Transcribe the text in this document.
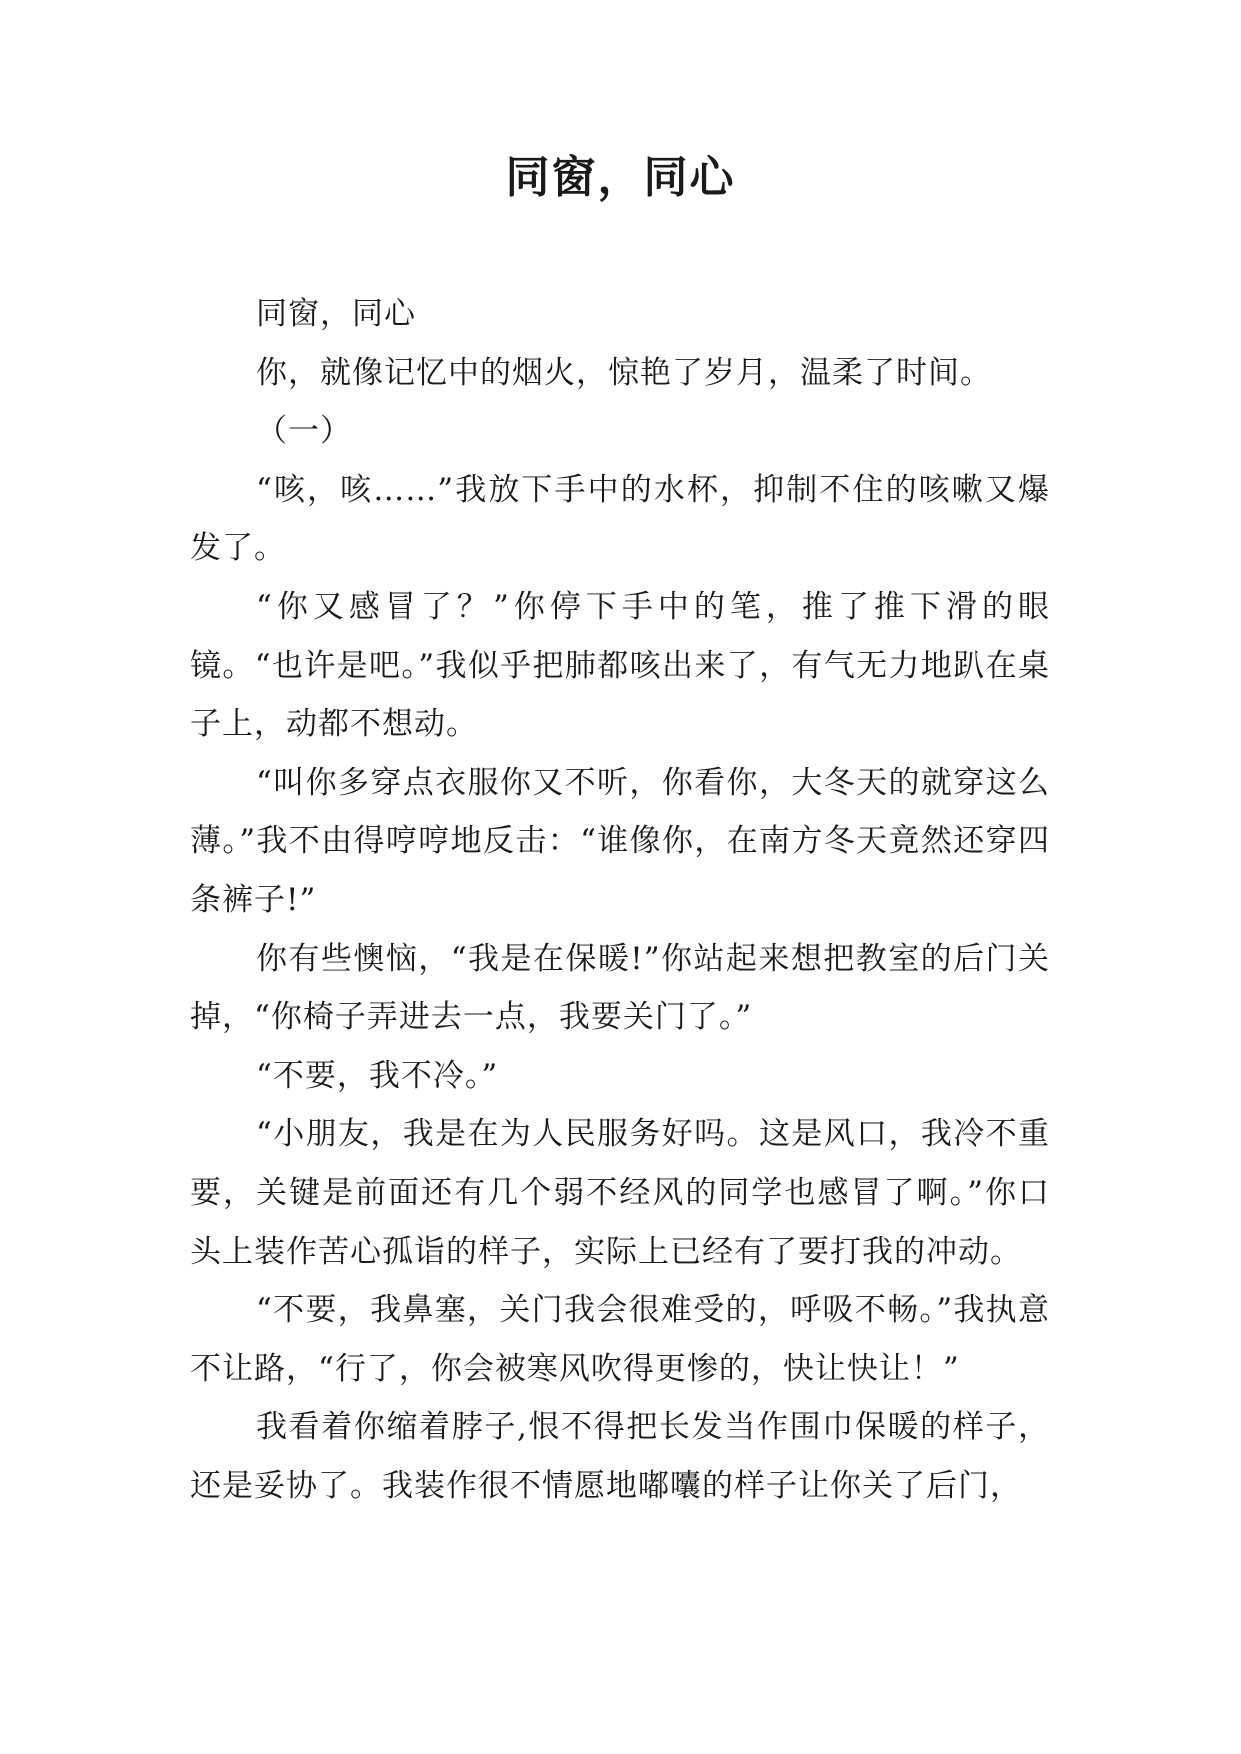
同窗，同心

同窗，同心

你，就像记忆中的烟火，惊艳了岁月，温柔了时间。

（一）

“咳，咳……”我放下手中的水杯，抑制不住的咳嗽又爆发了。

“你又感冒了？”你停下手中的笔，推了推下滑的眼镜。“也许是吧。”我似乎把肺都咳出来了，有气无力地趴在桌子上，动都不想动。

“叫你多穿点衣服你又不听，你看你，大冬天的就穿这么薄。”我不由得哼哼地反击：“谁像你，在南方冬天竟然还穿四条裤子!”

你有些懊恼，“我是在保暖!”你站起来想把教室的后门关掉，“你椅子弄进去一点，我要关门了。”

“不要，我不冷。”

“小朋友，我是在为人民服务好吗。这是风口，我冷不重要，关键是前面还有几个弱不经风的同学也感冒了啊。”你口头上装作苦心孤诣的样子，实际上已经有了要打我的冲动。

“不要，我鼻塞，关门我会很难受的，呼吸不畅。”我执意不让路，“行了，你会被寒风吹得更惨的，快让快让！”

我看着你缩着脖子,恨不得把长发当作围巾保暖的样子，还是妥协了。我装作很不情愿地嘟囔的样子让你关了后门，
